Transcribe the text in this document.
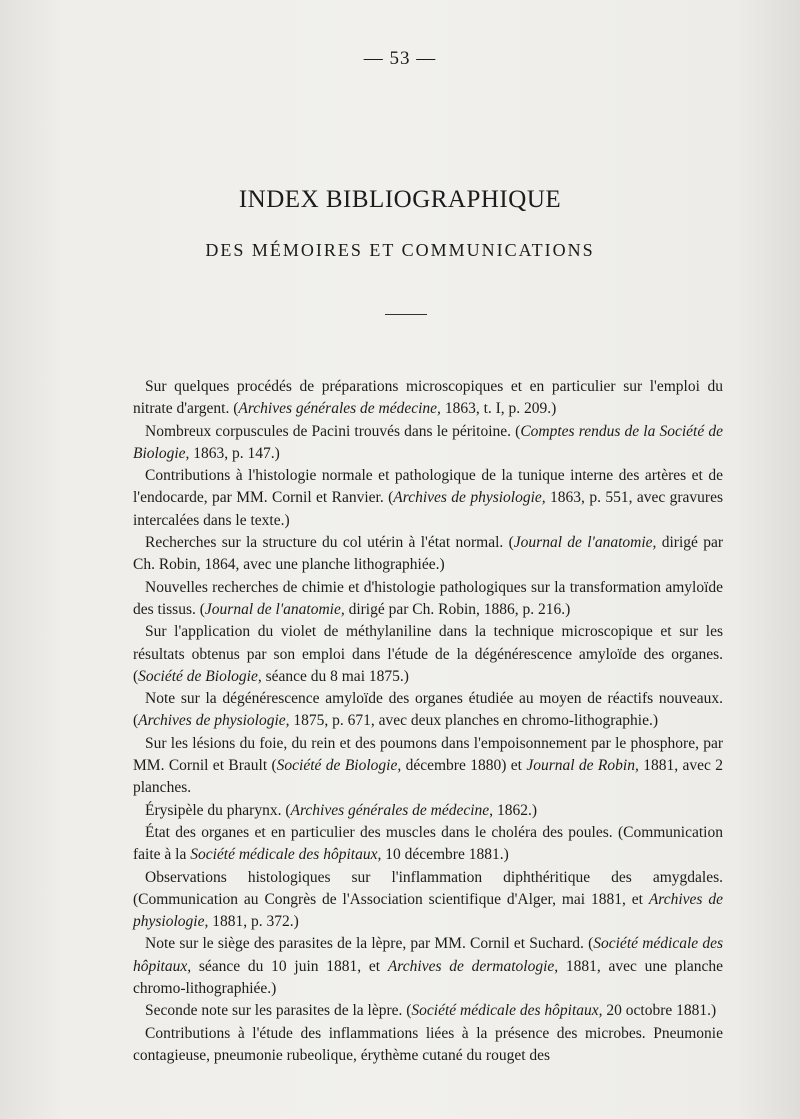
— 53 —
INDEX BIBLIOGRAPHIQUE
DES MÉMOIRES ET COMMUNICATIONS

Sur quelques procédés de préparations microscopiques et en particulier sur l'emploi du nitrate d'argent. (Archives générales de médecine, 1863, t. I, p. 209.)

Nombreux corpuscules de Pacini trouvés dans le péritoine. (Comptes rendus de la Société de Biologie, 1863, p. 147.)

Contributions à l'histologie normale et pathologique de la tunique interne des artères et de l'endocarde, par MM. Cornil et Ranvier. (Archives de physiologie, 1863, p. 551, avec gravures intercalées dans le texte.)

Recherches sur la structure du col utérin à l'état normal. (Journal de l'anatomie, dirigé par Ch. Robin, 1864, avec une planche lithographiée.)

Nouvelles recherches de chimie et d'histologie pathologiques sur la transformation amyloïde des tissus. (Journal de l'anatomie, dirigé par Ch. Robin, 1886, p. 216.)

Sur l'application du violet de méthylaniline dans la technique microscopique et sur les résultats obtenus par son emploi dans l'étude de la dégénérescence amyloïde des organes. (Société de Biologie, séance du 8 mai 1875.)

Note sur la dégénérescence amyloïde des organes étudiée au moyen de réactifs nouveaux. (Archives de physiologie, 1875, p. 671, avec deux planches en chromo-lithographie.)

Sur les lésions du foie, du rein et des poumons dans l'empoisonnement par le phosphore, par MM. Cornil et Brault (Société de Biologie, décembre 1880) et Journal de Robin, 1881, avec 2 planches.

Érysipèle du pharynx. (Archives générales de médecine, 1862.)

État des organes et en particulier des muscles dans le choléra des poules. (Communication faite à la Société médicale des hôpitaux, 10 décembre 1881.)

Observations histologiques sur l'inflammation diphthéritique des amygdales. (Communication au Congrès de l'Association scientifique d'Alger, mai 1881, et Archives de physiologie, 1881, p. 372.)

Note sur le siège des parasites de la lèpre, par MM. Cornil et Suchard. (Société médicale des hôpitaux, séance du 10 juin 1881, et Archives de dermatologie, 1881, avec une planche chromo-lithographiée.)

Seconde note sur les parasites de la lèpre. (Société médicale des hôpitaux, 20 octobre 1881.)

Contributions à l'étude des inflammations liées à la présence des microbes. Pneumonie contagieuse, pneumonie rubeolique, érythème cutané du rouget des
